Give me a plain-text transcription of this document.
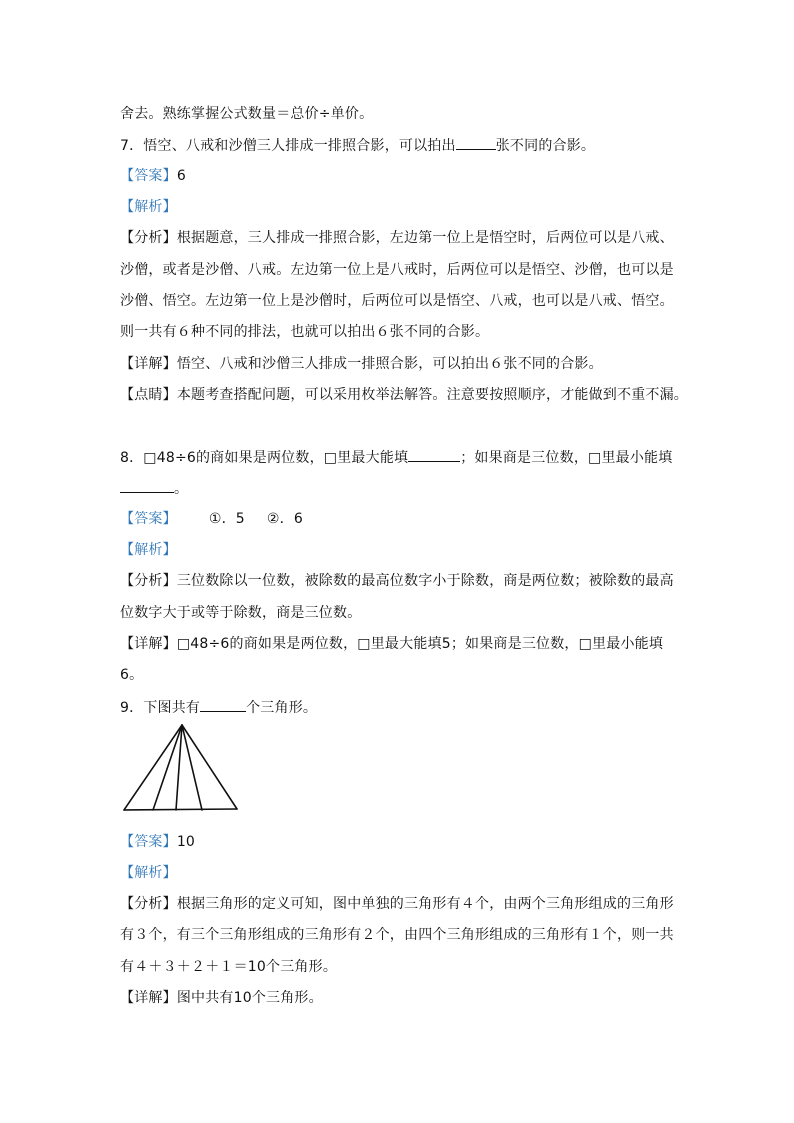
舍去。熟练掌握公式数量＝总价÷单价。

7．悟空、八戒和沙僧三人排成一排照合影，可以拍出	张不同的合影。

【答案】6

【解析】

【分析】根据题意，三人排成一排照合影，左边第一位上是悟空时，后两位可以是八戒、

沙僧，或者是沙僧、八戒。左边第一位上是八戒时，后两位可以是悟空、沙僧，也可以是

沙僧、悟空。左边第一位上是沙僧时，后两位可以是悟空、八戒，也可以是八戒、悟空。

则一共有６种不同的排法，也就可以拍出６张不同的合影。

【详解】悟空、八戒和沙僧三人排成一排照合影，可以拍出６张不同的合影。

【点睛】本题考查搭配问题，可以采用枚举法解答。注意要按照顺序，才能做到不重不漏。

8．□48÷6的商如果是两位数，□里最大能填	；如果商是三位数，□里最小能填

。

【答案】 ①．5 ②．6

【解析】

【分析】三位数除以一位数，被除数的最高位数字小于除数，商是两位数；被除数的最高

位数字大于或等于除数，商是三位数。

【详解】□48÷6的商如果是两位数，□里最大能填5；如果商是三位数，□里最小能填

6。

9．下图共有	个三角形。

【答案】10

【解析】

【分析】根据三角形的定义可知，图中单独的三角形有４个，由两个三角形组成的三角形

有３个，有三个三角形组成的三角形有２个，由四个三角形组成的三角形有１个，则一共

有４＋３＋２＋１＝10个三角形。

【详解】图中共有10个三角形。
